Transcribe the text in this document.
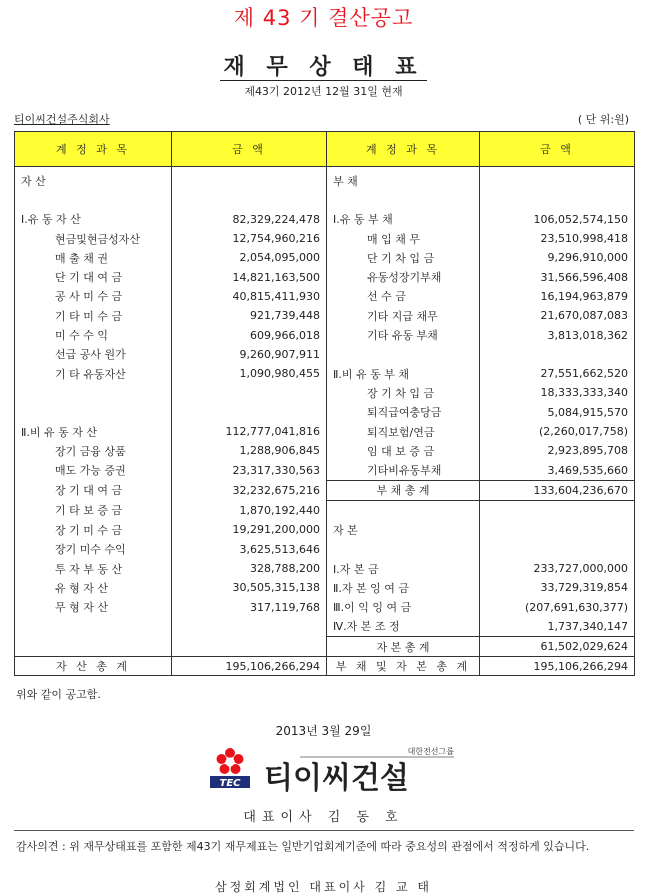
제 43 기 결산공고
재 무 상 태 표
제43기 2012년 12월 31일 현재
티이씨건설주식회사	( 단 위:원)
계 정 과 목	금 액	계 정 과 목	금 액
자 산		부 채	

Ⅰ.유 동 자 산	82,329,224,478	Ⅰ.유 동 부 채	106,052,574,150
현금및현금성자산	12,754,960,216	매 입 채 무	23,510,998,418
매 출 채 권	2,054,095,000	단 기 차 입 금	9,296,910,000
단 기 대 여 금	14,821,163,500	유동성장기부채	31,566,596,408
공 사 미 수 금	40,815,411,930	선 수 금	16,194,963,879
기 타 미 수 금	921,739,448	기타 지급 채무	21,670,087,083
미 수 수 익	609,966,018	기타 유동 부채	3,813,018,362
선급 공사 원가	9,260,907,911		
기 타 유동자산	1,090,980,455	Ⅱ.비 유 동 부 채	27,551,662,520
		장 기 차 입 금	18,333,333,340
		퇴직급여충당금	5,084,915,570
Ⅱ.비 유 동 자 산	112,777,041,816	퇴직보험/연금	(2,260,017,758)
장기 금융 상품	1,288,906,845	임 대 보 증 금	2,923,895,708
매도 가능 증권	23,317,330,563	기타비유동부채	3,469,535,660
장 기 대 여 금	32,232,675,216	부 채 총 계	133,604,236,670
기 타 보 증 금	1,870,192,440		
장 기 미 수 금	19,291,200,000	자 본	
장기 미수 수익	3,625,513,646		
투 자 부 동 산	328,788,200	Ⅰ.자 본 금	233,727,000,000
유 형 자 산	30,505,315,138	Ⅱ.자 본 잉 여 금	33,729,319,854
무 형 자 산	317,119,768	Ⅲ.이 익 잉 여 금	(207,691,630,377)
		Ⅳ.자 본 조 정	1,737,340,147
		자 본 총 계	61,502,029,624
자 산 총 계	195,106,266,294	부 채 및 자 본 총 계	195,106,266,294
위와 같이 공고함.
2013년 3월 29일
대한전선그룹
TEC 티이씨건설
대표이사 김 동 호
감사의견 : 위 재무상태표를 포함한 제43기 재무제표는 일반기업회계기준에 따라 중요성의 관점에서 적정하게 있습니다.
삼정회계법인 대표이사 김 교 태
